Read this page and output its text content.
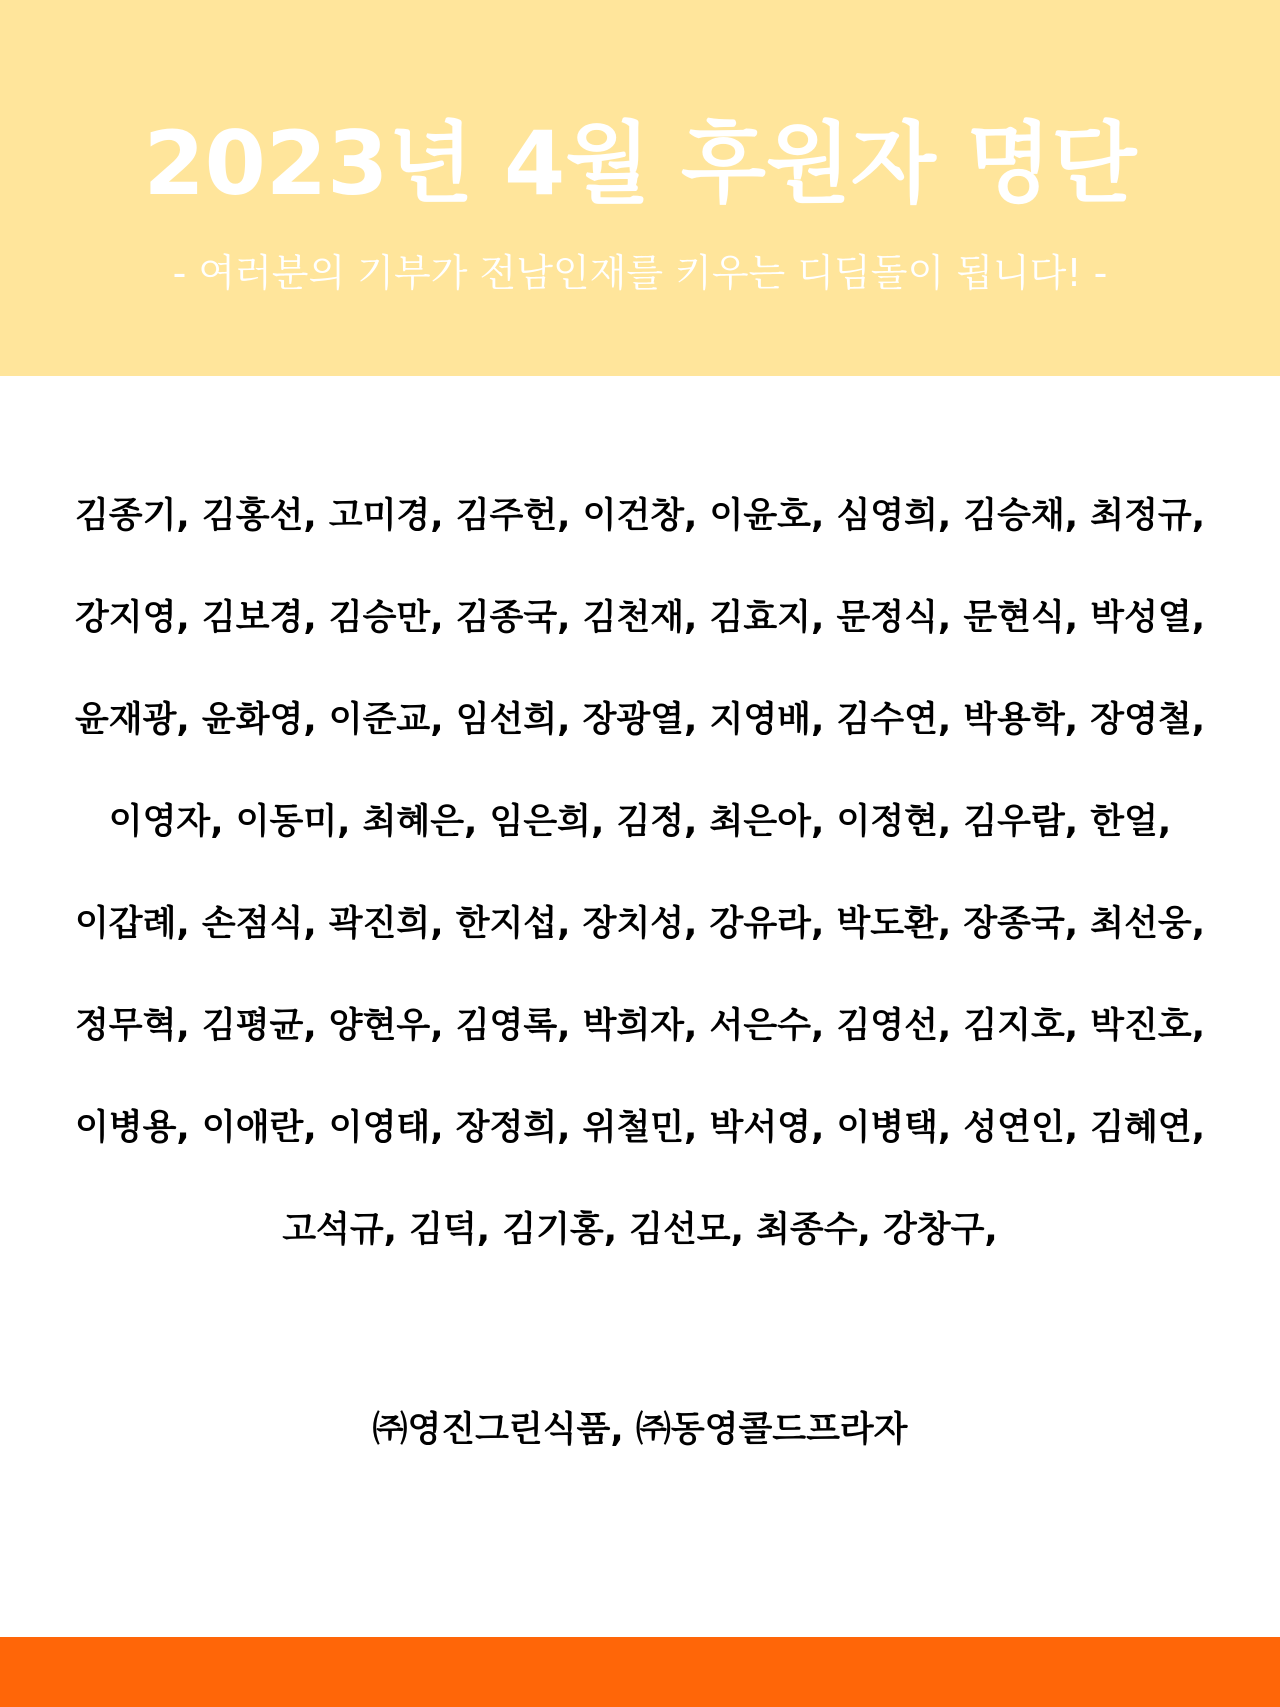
2023년 4월 후원자 명단
- 여러분의 기부가 전남인재를 키우는 디딤돌이 됩니다! -
김종기, 김홍선, 고미경, 김주헌, 이건창, 이윤호, 심영희, 김승채, 최정규,
강지영, 김보경, 김승만, 김종국, 김천재, 김효지, 문정식, 문현식, 박성열,
윤재광, 윤화영, 이준교, 임선희, 장광열, 지영배, 김수연, 박용학, 장영철,
이영자, 이동미, 최혜은, 임은희, 김정, 최은아, 이정현, 김우람, 한얼,
이갑례, 손점식, 곽진희, 한지섭, 장치성, 강유라, 박도환, 장종국, 최선웅,
정무혁, 김평균, 양현우, 김영록, 박희자, 서은수, 김영선, 김지호, 박진호,
이병용, 이애란, 이영태, 장정희, 위철민, 박서영, 이병택, 성연인, 김혜연,
고석규, 김덕, 김기홍, 김선모, 최종수, 강창구,
㈜영진그린식품, ㈜동영콜드프라자
